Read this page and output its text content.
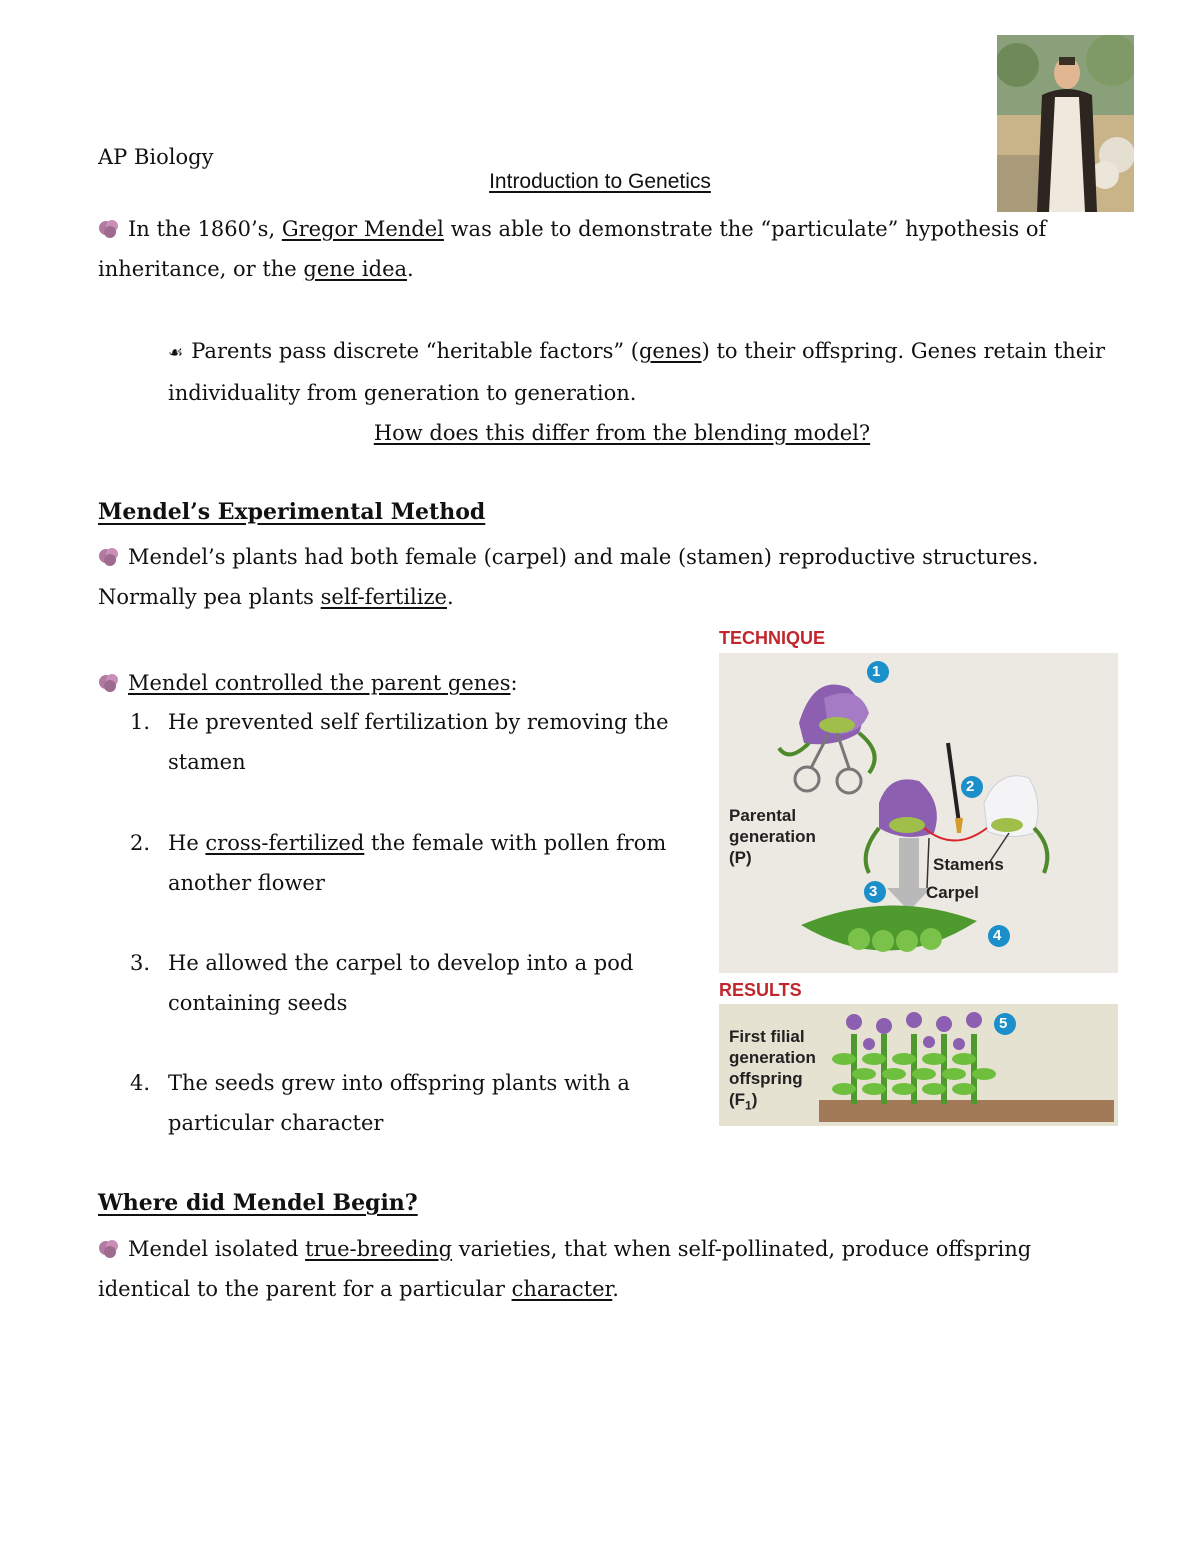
AP Biology
Introduction to Genetics
In the 1860’s, Gregor Mendel was able to demonstrate the “particulate” hypothesis of
inheritance, or the gene idea.
☙ Parents pass discrete “heritable factors” (genes) to their offspring. Genes retain their
individuality from generation to generation.
How does this differ from the blending model?
Mendel’s Experimental Method
Mendel’s plants had both female (carpel) and male (stamen) reproductive structures.
Normally pea plants self-fertilize.
Mendel controlled the parent genes:
1. He prevented self fertilization by removing the
stamen
2. He cross-fertilized the female with pollen from
another flower
3. He allowed the carpel to develop into a pod
containing seeds
4. The seeds grew into offspring plants with a
particular character
TECHNIQUE
1
2
3
4
Parental
generation
(P)	Stamens
Carpel
RESULTS
5
First filial
generation
offspring
$(F_1)$
Where did Mendel Begin?
Mendel isolated true-breeding varieties, that when self-pollinated, produce offspring
identical to the parent for a particular character.
